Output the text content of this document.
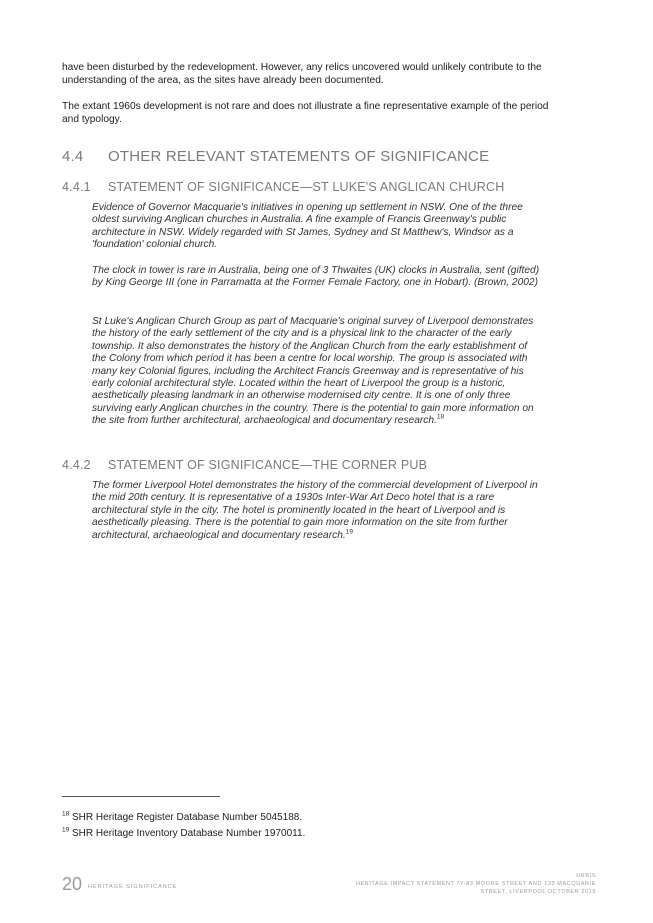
have been disturbed by the redevelopment. However, any relics uncovered would unlikely contribute to the understanding of the area, as the sites have already been documented.

The extant 1960s development is not rare and does not illustrate a fine representative example of the period and typology.

4.4 OTHER RELEVANT STATEMENTS OF SIGNIFICANCE
4.4.1 STATEMENT OF SIGNIFICANCE—ST LUKE'S ANGLICAN CHURCH

Evidence of Governor Macquarie's initiatives in opening up settlement in NSW. One of the three oldest surviving Anglican churches in Australia. A fine example of Francis Greenway's public architecture in NSW. Widely regarded with St James, Sydney and St Matthew's, Windsor as a 'foundation' colonial church.

The clock in tower is rare in Australia, being one of 3 Thwaites (UK) clocks in Australia, sent (gifted) by King George III (one in Parramatta at the Former Female Factory, one in Hobart). (Brown, 2002)

St Luke's Anglican Church Group as part of Macquarie's original survey of Liverpool demonstrates the history of the early settlement of the city and is a physical link to the character of the early township. It also demonstrates the history of the Anglican Church from the early establishment of the Colony from which period it has been a centre for local worship. The group is associated with many key Colonial figures, including the Architect Francis Greenway and is representative of his early colonial architectural style. Located within the heart of Liverpool the group is a historic, aesthetically pleasing landmark in an otherwise modernised city centre. It is one of only three surviving early Anglican churches in the country. There is the potential to gain more information on the site from further architectural, archaeological and documentary research.$^{18}$

4.4.2 STATEMENT OF SIGNIFICANCE—THE CORNER PUB

The former Liverpool Hotel demonstrates the history of the commercial development of Liverpool in the mid 20th century. It is representative of a 1930s Inter-War Art Deco hotel that is a rare architectural style in the city. The hotel is prominently located in the heart of Liverpool and is aesthetically pleasing. There is the potential to gain more information on the site from further architectural, archaeological and documentary research.$^{19}$

$^{18}$ SHR Heritage Register Database Number 5045188.
$^{19}$ SHR Heritage Inventory Database Number 1970011.
20 HERITAGE SIGNIFICANCE
URBIS
HERITAGE IMPACT STATEMENT 77-83 MOORE STREET AND 133 MACQUARIE
STREET, LIVERPOOL OCTOBER 2015
